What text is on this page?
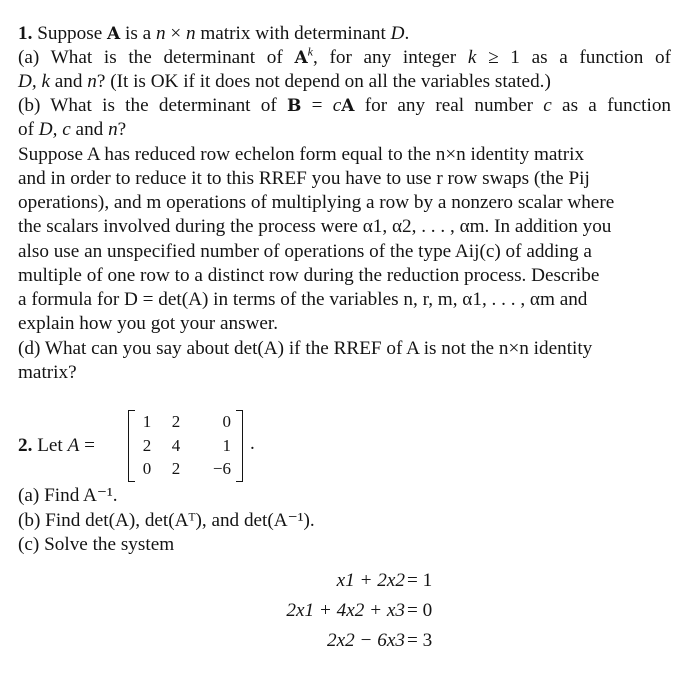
1. Suppose A is a n × n matrix with determinant D.
(a) What is the determinant of $A^k$, for any integer k ≥ 1 as a function of
D, k and n? (It is OK if it does not depend on all the variables stated.)
(b) What is the determinant of B = cA for any real number c as a function
of D, c and n?
Suppose A has reduced row echelon form equal to the n×n identity matrix
and in order to reduce it to this RREF you have to use r row swaps (the Pij
operations), and m operations of multiplying a row by a nonzero scalar where
the scalars involved during the process were α1, α2, . . . , αm. In addition you
also use an unspecified number of operations of the type Aij(c) of adding a
multiple of one row to a distinct row during the reduction process. Describe
a formula for D = det(A) in terms of the variables n, r, m, α1, . . . , αm and
explain how you got your answer.
(d) What can you say about det(A) if the RREF of A is not the n×n identity
matrix?
2. Let A =
1	2	0
2	4	1
0	2	−6
.
(a) Find A⁻¹.
(b) Find det(A), det(Aᵀ), and det(A⁻¹).
(c) Solve the system
x1 + 2x2 = 1
2x1 + 4x2 + x3 = 0
2x2 − 6x3 = 3
